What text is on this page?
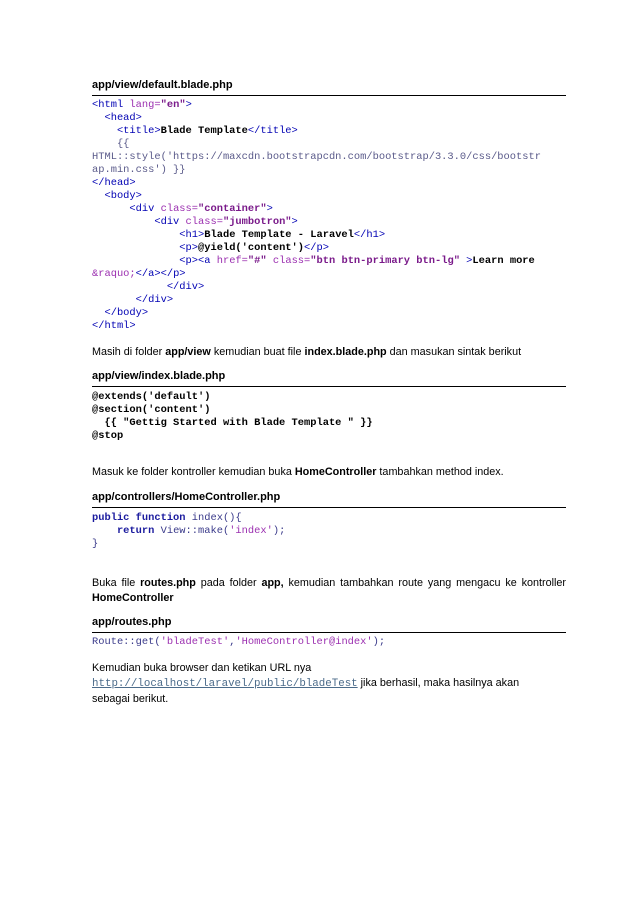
app/view/default.blade.php
<html lang="en">
<head>
<title>Blade Template</title>
{{
HTML::style('https://maxcdn.bootstrapcdn.com/bootstrap/3.3.0/css/bootstr
ap.min.css') }}
</head>
<body>
<div class="container">
<div class="jumbotron">
<h1>Blade Template - Laravel</h1>
<p>@yield('content')</p>
<p><a href="#" class="btn btn-primary btn-lg" >Learn more
&raquo;</a></p>
</div>
</div>
</body>
</html>
Masih di folder app/view kemudian buat file index.blade.php dan masukan sintak berikut
app/view/index.blade.php
@extends('default')
@section('content')
{{ "Gettig Started with Blade Template " }}
@stop
Masuk ke folder kontroller kemudian buka HomeController tambahkan method index.
app/controllers/HomeController.php
public function index(){
return View::make('index');
}
Buka file routes.php pada folder app, kemudian tambahkan route yang mengacu ke kontroller HomeController
app/routes.php
Route::get('bladeTest','HomeController@index');
Kemudian buka browser dan ketikan URL nya
http://localhost/laravel/public/bladeTest jika berhasil, maka hasilnya akan
sebagai berikut.
